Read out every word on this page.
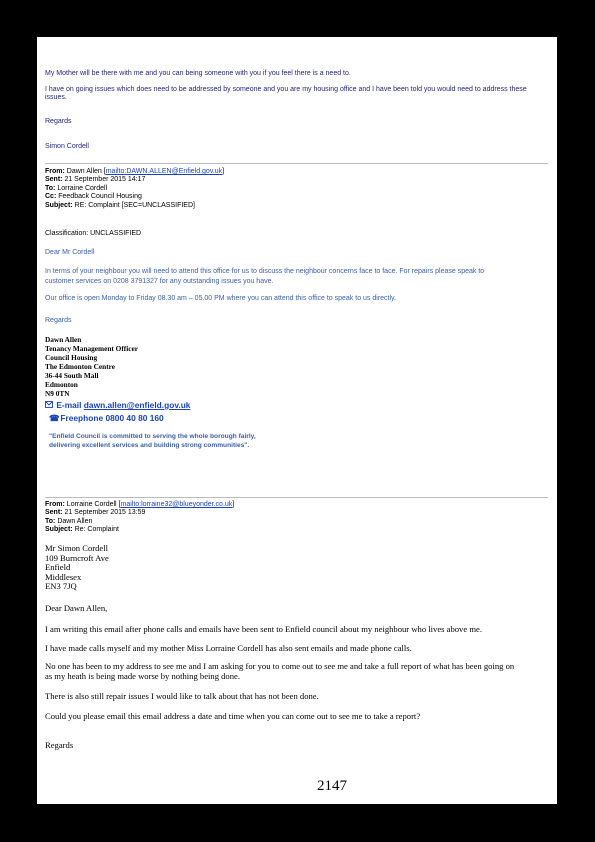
My Mother will be there with me and you can being someone with you if you feel there is a need to.
I have on going issues which does need to be addressed by someone and you are my housing office and I have been told you would need to address these issues.
Regards
Simon Cordell
From: Dawn Allen [mailto:DAWN.ALLEN@Enfield.gov.uk]
Sent: 21 September 2015 14:17
To: Lorraine Cordell
Cc: Feedback Council Housing
Subject: RE: Complaint [SEC=UNCLASSIFIED]
Classification: UNCLASSIFIED
Dear Mr Cordell
In terms of your neighbour you will need to attend this office for us to discuss the neighbour concerns face to face. For repairs please speak to
customer services on 0208 3791327 for any outstanding issues you have.
Our office is open Monday to Friday 08.30 am – 05.00 PM where you can attend this office to speak to us directly.
Regards
Dawn Allen
Tenancy Management Officer
Council Housing
The Edmonton Centre
36-44 South Mall
Edmonton
N9 0TN
E-mail dawn.allen@enfield.gov.uk
☎ Freephone 0800 40 80 160
"Enfield Council is committed to serving the whole borough fairly,
delivering excellent services and building strong communities".
From: Lorraine Cordell [mailto:lorraine32@blueyonder.co.uk]
Sent: 21 September 2015 13:59
To: Dawn Allen
Subject: Re: Complaint
Mr Simon Cordell
109 Burncroft Ave
Enfield
Middlesex
EN3 7JQ
Dear Dawn Allen,
I am writing this email after phone calls and emails have been sent to Enfield council about my neighbour who lives above me.
I have made calls myself and my mother Miss Lorraine Cordell has also sent emails and made phone calls.
No one has been to my address to see me and I am asking for you to come out to see me and take a full report of what has been going on
as my heath is being made worse by nothing being done.
There is also still repair issues I would like to talk about that has not been done.
Could you please email this email address a date and time when you can come out to see me to take a report?
Regards
2147
